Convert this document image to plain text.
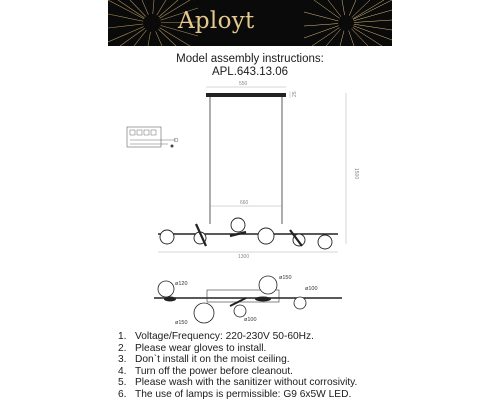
Aployt
Model assembly instructions:
APL.643.13.06
550
25
660
1300
1500
ø120
ø150
ø100
ø150	ø100
1. Voltage/Frequency: 220-230V 50-60Hz.
2. Please wear gloves to install.
3. Don`t install it on the moist ceiling.
4. Turn off the power before cleanout.
5. Please wash with the sanitizer without corrosivity.
6. The use of lamps is permissible: G9 6x5W LED.
